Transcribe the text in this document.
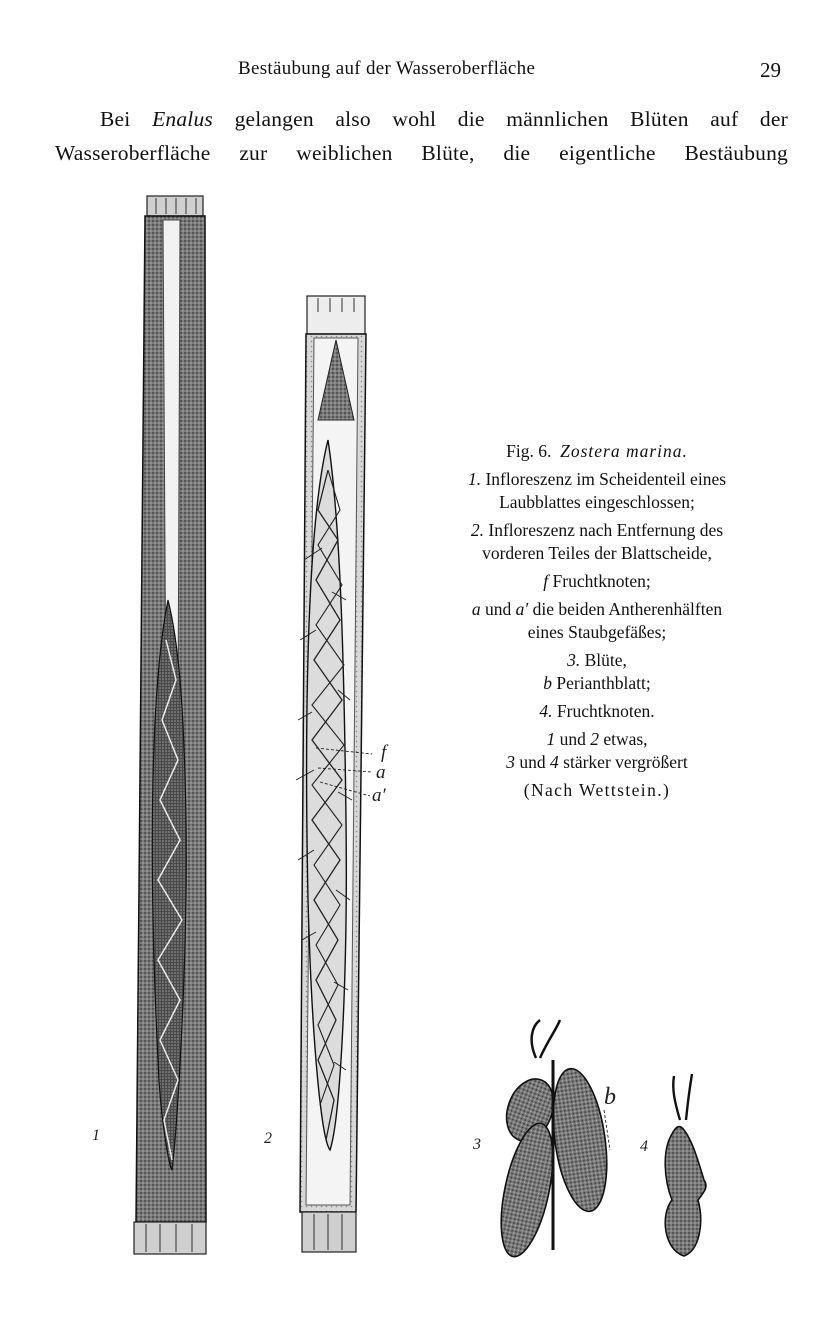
Bestäubung auf der Wasseroberfläche	29
Bei Enalus gelangen also wohl die männlichen Blüten auf der
Wasseroberfläche zur weiblichen Blüte, die eigentliche Bestäubung
f
a
a′
b
1	2	3	4

Fig. 6. Zostera marina.

1. Infloreszenz im Scheidenteil eines Laubblattes eingeschlossen;

2. Infloreszenz nach Entfernung des vorderen Teiles der Blattscheide,

f Fruchtknoten;

a und a′ die beiden Antherenhälften eines Staubgefäßes;

3. Blüte,
b Perianthblatt;

4. Fruchtknoten.

1 und 2 etwas,
3 und 4 stärker vergrößert

(Nach Wettstein.)
